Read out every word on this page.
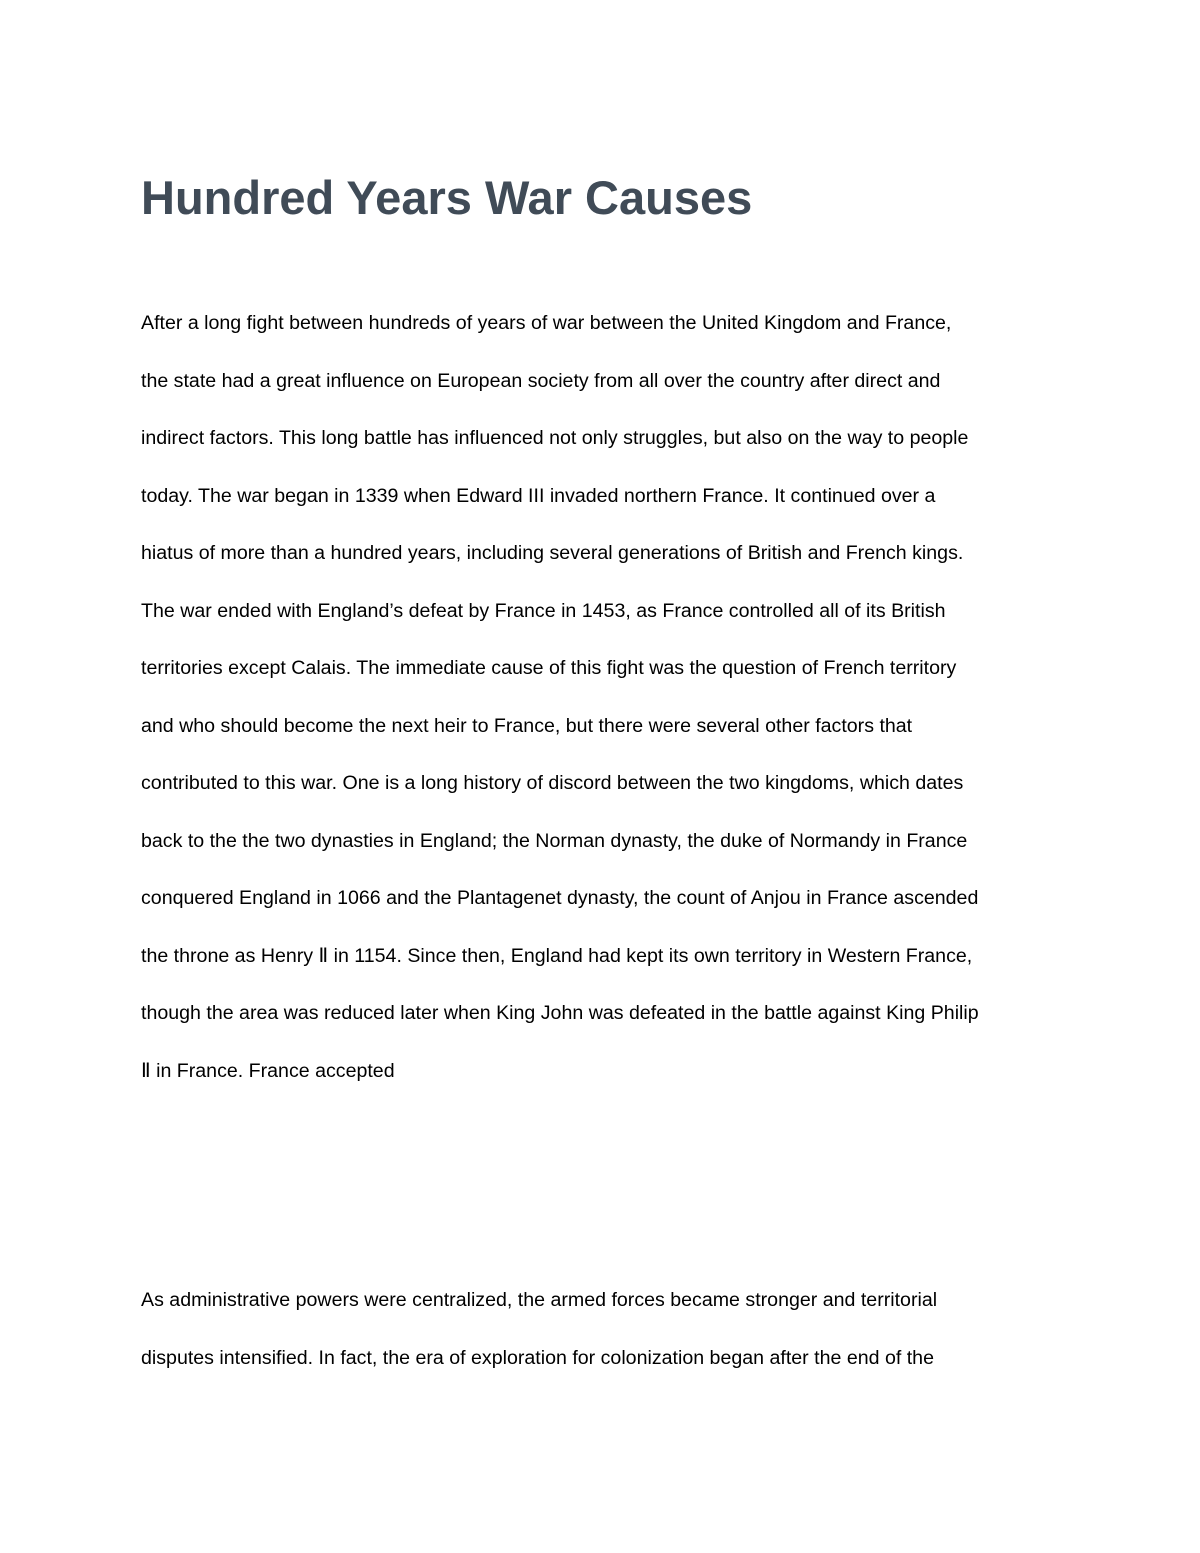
Hundred Years War Causes
After a long fight between hundreds of years of war between the United Kingdom and France,
the state had a great influence on European society from all over the country after direct and
indirect factors. This long battle has influenced not only struggles, but also on the way to people
today. The war began in 1339 when Edward III invaded northern France. It continued over a
hiatus of more than a hundred years, including several generations of British and French kings.
The war ended with England’s defeat by France in 1453, as France controlled all of its British
territories except Calais. The immediate cause of this fight was the question of French territory
and who should become the next heir to France, but there were several other factors that
contributed to this war. One is a long history of discord between the two kingdoms, which dates
back to the the two dynasties in England; the Norman dynasty, the duke of Normandy in France
conquered England in 1066 and the Plantagenet dynasty, the count of Anjou in France ascended
the throne as Henry Ⅱ in 1154. Since then, England had kept its own territory in Western France,
though the area was reduced later when King John was defeated in the battle against King Philip
Ⅱ in France. France accepted
As administrative powers were centralized, the armed forces became stronger and territorial
disputes intensified. In fact, the era of exploration for colonization began after the end of the
